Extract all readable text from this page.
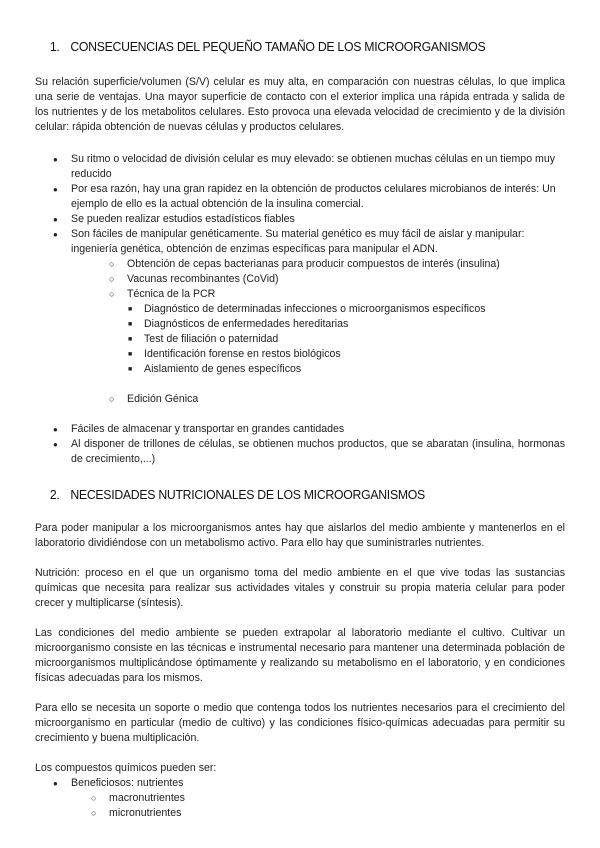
1. CONSECUENCIAS DEL PEQUEÑO TAMAÑO DE LOS MICROORGANISMOS

Su relación superficie/volumen (S/V) celular es muy alta, en comparación con nuestras células, lo que implica una serie de ventajas. Una mayor superficie de contacto con el exterior implica una rápida entrada y salida de los nutrientes y de los metabolitos celulares. Esto provoca una elevada velocidad de crecimiento y de la división celular: rápida obtención de nuevas células y productos celulares.

● Su ritmo o velocidad de división celular es muy elevado: se obtienen muchas células en un tiempo muy reducido
● Por esa razón, hay una gran rapidez en la obtención de productos celulares microbianos de interés: Un ejemplo de ello es la actual obtención de la insulina comercial.
● Se pueden realizar estudios estadísticos fiables
● Son fáciles de manipular genéticamente. Su material genético es muy fácil de aislar y manipular: ingeniería genética, obtención de enzimas específicas para manipular el ADN.
○ Obtención de cepas bacterianas para producir compuestos de interés (insulina)
○ Vacunas recombinantes (CoVid)
○ Técnica de la PCR
■ Diagnóstico de determinadas infecciones o microorganismos específicos
■ Diagnósticos de enfermedades hereditarias
■ Test de filiación o paternidad
■ Identificación forense en restos biológicos
■ Aislamiento de genes específicos
○ Edición Génica
● Fáciles de almacenar y transportar en grandes cantidades
● Al disponer de trillones de células, se obtienen muchos productos, que se abaratan (insulina, hormonas de crecimiento,...)
2. NECESIDADES NUTRICIONALES DE LOS MICROORGANISMOS

Para poder manipular a los microorganismos antes hay que aislarlos del medio ambiente y mantenerlos en el laboratorio dividiéndose con un metabolismo activo. Para ello hay que suministrarles nutrientes.

Nutrición: proceso en el que un organismo toma del medio ambiente en el que vive todas las sustancias químicas que necesita para realizar sus actividades vitales y construir su propia materia celular para poder crecer y multiplicarse (síntesis).

Las condiciones del medio ambiente se pueden extrapolar al laboratorio mediante el cultivo. Cultivar un microorganismo consiste en las técnicas e instrumental necesario para mantener una determinada población de microorganismos multiplicándose óptimamente y realizando su metabolismo en el laboratorio, y en condiciones físicas adecuadas para los mismos.

Para ello se necesita un soporte o medio que contenga todos los nutrientes necesarios para el crecimiento del microorganismo en particular (medio de cultivo) y las condiciones físico-químicas adecuadas para permitir su crecimiento y buena multiplicación.

Los compuestos químicos pueden ser:

● Beneficiosos: nutrientes
○ macronutrientes
○ micronutrientes
